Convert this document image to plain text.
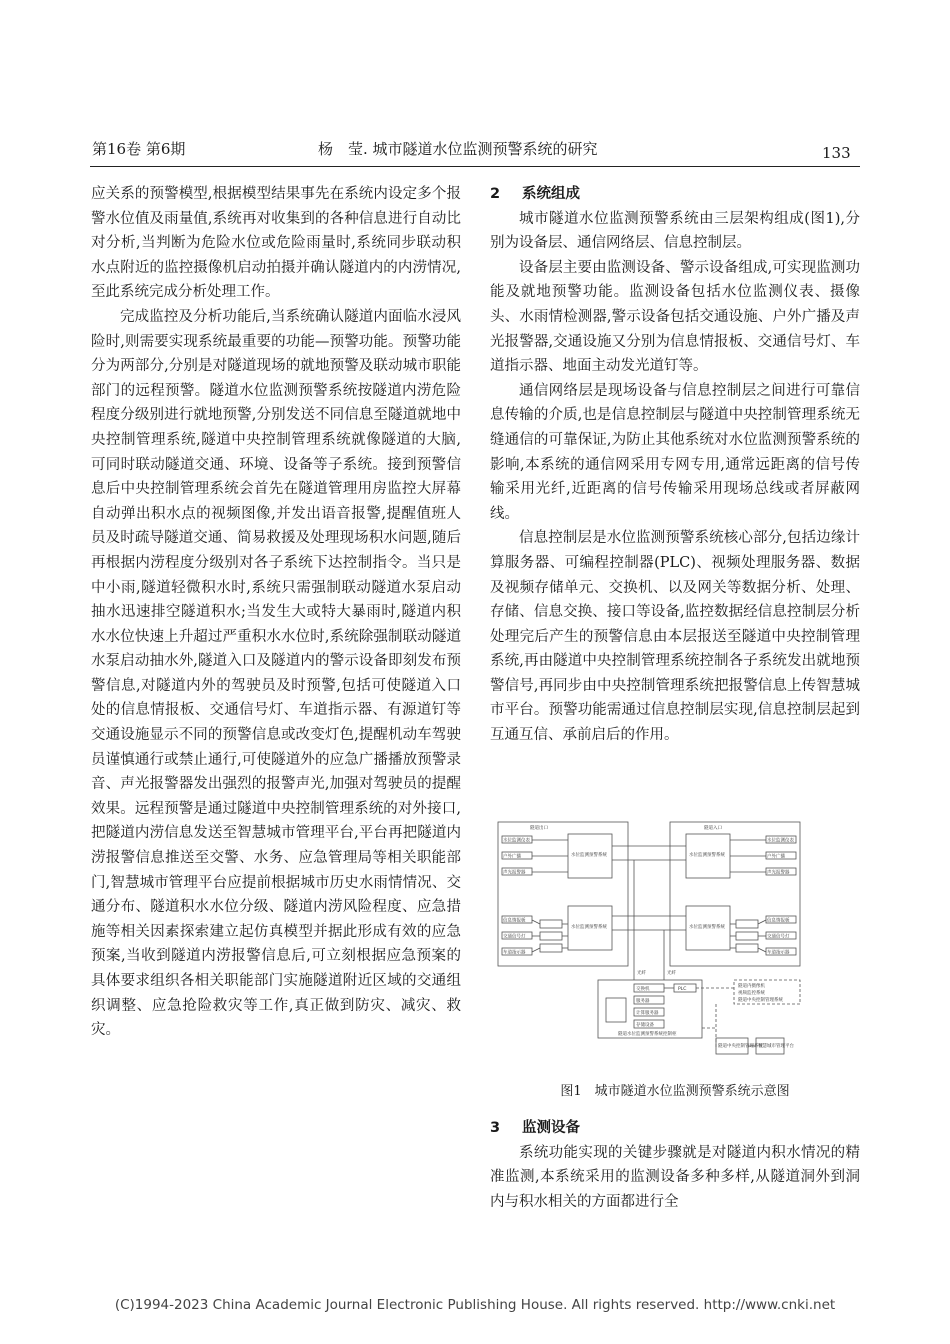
第16卷 第6期	杨　莹. 城市隧道水位监测预警系统的研究	133

应关系的预警模型,根据模型结果事先在系统内设定多个报警水位值及雨量值,系统再对收集到的各种信息进行自动比对分析,当判断为危险水位或危险雨量时,系统同步联动积水点附近的监控摄像机启动拍摄并确认隧道内的内涝情况,至此系统完成分析处理工作。

完成监控及分析功能后,当系统确认隧道内面临水浸风险时,则需要实现系统最重要的功能—预警功能。预警功能分为两部分,分别是对隧道现场的就地预警及联动城市职能部门的远程预警。隧道水位监测预警系统按隧道内涝危险程度分级别进行就地预警,分别发送不同信息至隧道就地中央控制管理系统,隧道中央控制管理系统就像隧道的大脑,可同时联动隧道交通、环境、设备等子系统。接到预警信息后中央控制管理系统会首先在隧道管理用房监控大屏幕自动弹出积水点的视频图像,并发出语音报警,提醒值班人员及时疏导隧道交通、简易救援及处理现场积水问题,随后再根据内涝程度分级别对各子系统下达控制指令。当只是中小雨,隧道轻微积水时,系统只需强制联动隧道水泵启动抽水迅速排空隧道积水;当发生大或特大暴雨时,隧道内积水水位快速上升超过严重积水水位时,系统除强制联动隧道水泵启动抽水外,隧道入口及隧道内的警示设备即刻发布预警信息,对隧道内外的驾驶员及时预警,包括可使隧道入口处的信息情报板、交通信号灯、车道指示器、有源道钉等交通设施显示不同的预警信息或改变灯色,提醒机动车驾驶员谨慎通行或禁止通行,可使隧道外的应急广播播放预警录音、声光报警器发出强烈的报警声光,加强对驾驶员的提醒效果。远程预警是通过隧道中央控制管理系统的对外接口,把隧道内涝信息发送至智慧城市管理平台,平台再把隧道内涝报警信息推送至交警、水务、应急管理局等相关职能部门,智慧城市管理平台应提前根据城市历史水雨情情况、交通分布、隧道积水水位分级、隧道内涝风险程度、应急措施等相关因素探索建立起仿真模型并据此形成有效的应急预案,当收到隧道内涝报警信息后,可立刻根据应急预案的具体要求组织各相关职能部门实施隧道附近区域的交通组织调整、应急抢险救灾等工作,真正做到防灾、减灾、救灾。

2 系统组成

城市隧道水位监测预警系统由三层架构组成(图1),分别为设备层、通信网络层、信息控制层。

设备层主要由监测设备、警示设备组成,可实现监测功能及就地预警功能。监测设备包括水位监测仪表、摄像头、水雨情检测器,警示设备包括交通设施、户外广播及声光报警器,交通设施又分别为信息情报板、交通信号灯、车道指示器、地面主动发光道钉等。

通信网络层是现场设备与信息控制层之间进行可靠信息传输的介质,也是信息控制层与隧道中央控制管理系统无缝通信的可靠保证,为防止其他系统对水位监测预警系统的影响,本系统的通信网采用专网专用,通常远距离的信号传输采用光纤,近距离的信号传输采用现场总线或者屏蔽网线。

信息控制层是水位监测预警系统核心部分,包括边缘计算服务器、可编程控制器(PLC)、视频处理服务器、数据及视频存储单元、交换机、以及网关等数据分析、处理、存储、信息交换、接口等设备,监控数据经信息控制层分析处理完后产生的预警信息由本层报送至隧道中央控制管理系统,再由隧道中央控制管理系统控制各子系统发出就地预警信号,再同步由中央控制管理系统把报警信息上传智慧城市平台。预警功能需通过信息控制层实现,信息控制层起到互通互信、承前启后的作用。

隧道出口	隧道入口
水位监测仪表
户外广播
声光报警器
信息情报板
交通信号灯
车道指示器
水位监测仪表
户外广播
声光报警器
信息情报板
交通信号灯
车道指示器
水位监测预警系统
水位监测预警系统
水位监测预警系统
水位监测预警系统
光纤	光纤
PLC
交换机
服务器
计算服务器
存储设备
隧道水位监测预警系统控制柜
隧道内摄像机
视频监控系统
隧道中央控制管理系统
隧道中央控制管理系统
智慧城市管理平台
图1　城市隧道水位监测预警系统示意图

3 监测设备

系统功能实现的关键步骤就是对隧道内积水情况的精准监测,本系统采用的监测设备多种多样,从隧道洞外到洞内与积水相关的方面都进行全

(C)1994-2023 China Academic Journal Electronic Publishing House. All rights reserved. http://www.cnki.net
